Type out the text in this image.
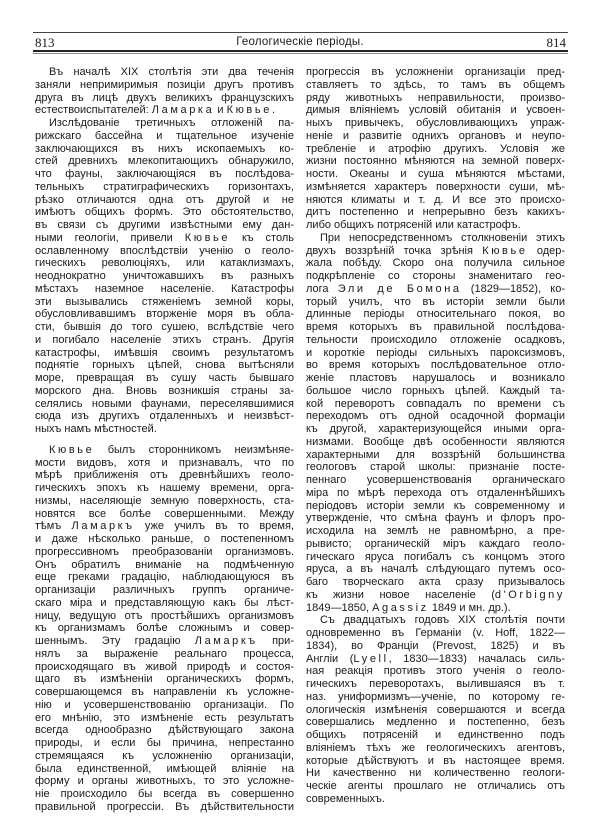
813	Геологическіе періоды.	814
Въ началѣ XIX столѣтія эти два теченія
заняли непримиримыя позиціи другъ противъ
друга въ лицѣ двухъ великихъ французскихъ
естествоиспытателей: Ламарка и Кювье.
Изслѣдованіе третичныхъ отложеній па-
рижскаго бассейна и тщательное изученіе
заключающихся въ нихъ ископаемыхъ ко-
стей древнихъ млекопитающихъ обнаружило,
что фауны, заключающіяся въ послѣдова-
тельныхъ стратиграфическихъ горизонтахъ,
рѣзко отличаются одна отъ другой и не
имѣютъ общихъ формъ. Это обстоятельство,
въ связи съ другими извѣстными ему дан-
ными геологіи, привели Кювье къ столь
ославленному впослѣдствіи ученію о геоло-
гическихъ революціяхъ, или катаклизмахъ,
неоднократно уничтожавшихъ въ разныхъ
мѣстахъ наземное населеніе. Катастрофы
эти вызывались стяженіемъ земной коры,
обусловливавшимъ вторженіе моря въ обла-
сти, бывшія до того сушею, вслѣдствіе чего
и погибало населеніе этихъ странъ. Другія
катастрофы, имѣвшія своимъ результатомъ
поднятіе горныхъ цѣпей, снова вытѣсняли
море, превращая въ сушу часть бывшаго
морского дна. Вновь возникшія страны за-
селялись новыми фаунами, переселявшимися
сюда изъ другихъ отдаленныхъ и неизвѣст-
ныхъ намъ мѣстностей.
Кювье былъ сторонникомъ неизмѣняе-
мости видовъ, хотя и признавалъ, что по
мѣрѣ приближенія отъ древнѣйшихъ геоло-
гическихъ эпохъ къ нашему времени, орга-
низмы, населяющіе земную поверхность, ста-
новятся все болѣе совершенными. Между
тѣмъ Ламаркъ уже училъ въ то время,
и даже нѣсколько раньше, о постепенномъ
прогрессивномъ преобразованіи организмовъ.
Онъ обратилъ вниманіе на подмѣченную
еще греками градацію, наблюдающуюся въ
организаціи различныхъ группъ органиче-
скаго міра и представляющую какъ бы лѣст-
ницу, ведущую отъ простѣйшихъ организмовъ
къ организмамъ болѣе сложнымъ и совер-
шеннымъ. Эту градацію Ламаркъ при-
нялъ за выраженіе реальнаго процесса,
происходящаго въ живой природѣ и состоя-
щаго въ измѣненіи органическихъ формъ,
совершающемся въ направленіи къ усложне-
нію и усовершенствованію организаціи. По
его мнѣнію, это измѣненіе есть результатъ
всегда однообразно дѣйствующаго закона
природы, и если бы причина, непрестанно
стремящаяся къ усложненію организаціи,
была единственной, имѣющей вліяніе на
форму и органы животныхъ, то это усложне-
ніе происходило бы всегда въ совершенно
правильной прогрессіи. Въ дѣйствительности
прогрессія въ усложненіи организаціи пред-
ставляетъ то здѣсь, то тамъ въ общемъ
ряду животныхъ неправильности, произво-
димыя вліяніемъ условій обитанія и усвоен-
ныхъ привычекъ, обусловливающихъ упраж-
неніе и развитіе однихъ органовъ и неупо-
требленіе и атрофію другихъ. Условія же
жизни постоянно мѣняются на земной поверх-
ности. Океаны и суша мѣняются мѣстами,
измѣняется характеръ поверхности суши, мѣ-
няются климаты и т. д. И все это происхо-
дитъ постепенно и непрерывно безъ какихъ-
либо общихъ потрясеній или катастрофъ.
При непосредственномъ столкновеніи этихъ
двухъ воззрѣній точка зрѣнія Кювье одер-
жала побѣду. Скоро она получила сильное
подкрѣпленіе со стороны знаменитаго гео-
лога Эли де Бомона (1829—1852), ко-
торый училъ, что въ исторіи земли были
длинные періоды относительнаго покоя, во
время которыхъ въ правильной послѣдова-
тельности происходило отложеніе осадковъ,
и короткіе періоды сильныхъ пароксизмовъ,
во время которыхъ послѣдовательное отло-
женіе пластовъ нарушалось и возникало
большое число горныхъ цѣпей. Каждый та-
кой переворотъ совпадалъ по времени съ
переходомъ отъ одной осадочной формаціи
къ другой, характеризующейся иными орга-
низмами. Вообще двѣ особенности являются
характерными для воззрѣній большинства
геологовъ старой школы: признаніе посте-
пеннаго усовершенствованія органическаго
міра по мѣрѣ перехода отъ отдаленнѣйшихъ
періодовъ исторіи земли къ современному и
утвержденіе, что смѣна фаунъ и флоръ про-
исходила на землѣ не равномѣрно, а пре-
рывисто; органическій міръ каждаго геоло-
гическаго яруса погибалъ съ концомъ этого
яруса, а въ началѣ слѣдующаго путемъ осо-
баго творческаго акта сразу призывалось
къ жизни новое населеніе (d'Orbigny
1849—1850, Agassiz 1849 и мн. др.).
Съ двадцатыхъ годовъ XIX столѣтія почти
одновременно въ Германіи (v. Hoff, 1822—
1834), во Франціи (Prevost, 1825) и въ
Англіи (Lyell, 1830—1833) началась силь-
ная реакція противъ этого ученія о геоло-
гическихъ переворотахъ, вылившаяся въ т.
наз. униформизмъ—ученіе, по которому ге-
ологическія измѣненія совершаются и всегда
совершались медленно и постепенно, безъ
общихъ потрясеній и единственно подъ
вліяніемъ тѣхъ же геологическихъ агентовъ,
которые дѣйствуютъ и въ настоящее время.
Ни качественно ни количественно геологи-
ческіе агенты прошлаго не отличались отъ
современныхъ.
